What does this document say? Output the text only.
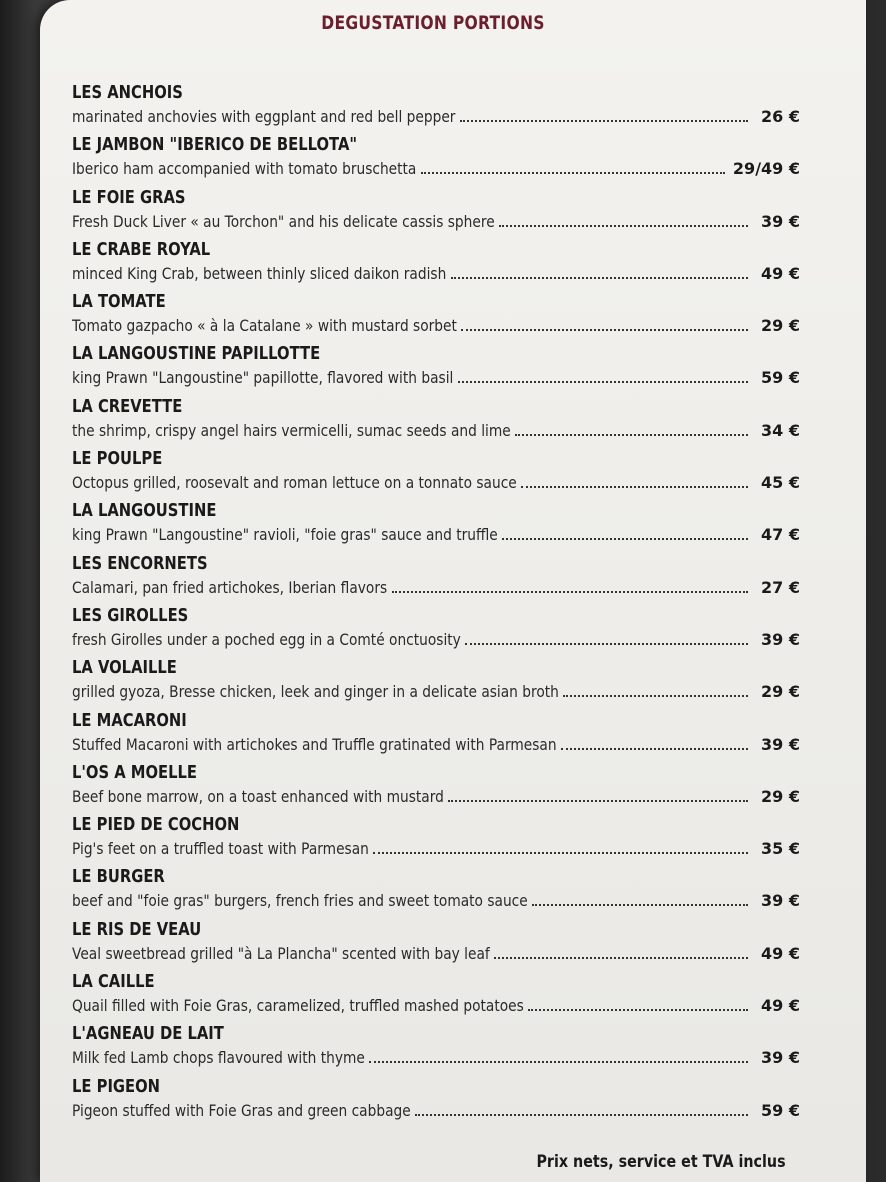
DEGUSTATION PORTIONS
LES ANCHOIS
marinated anchovies with eggplant and red bell pepper	26 €
LE JAMBON "IBERICO DE BELLOTA"
Iberico ham accompanied with tomato bruschetta	29/49 €
LE FOIE GRAS
Fresh Duck Liver « au Torchon" and his delicate cassis sphere	39 €
LE CRABE ROYAL
minced King Crab, between thinly sliced daikon radish	49 €
LA TOMATE
Tomato gazpacho « à la Catalane » with mustard sorbet	29 €
LA LANGOUSTINE PAPILLOTTE
king Prawn "Langoustine" papillotte, flavored with basil	59 €
LA CREVETTE
the shrimp, crispy angel hairs vermicelli, sumac seeds and lime	34 €
LE POULPE
Octopus grilled, roosevalt and roman lettuce on a tonnato sauce	45 €
LA LANGOUSTINE
king Prawn "Langoustine" ravioli, "foie gras" sauce and truffle	47 €
LES ENCORNETS
Calamari, pan fried artichokes, Iberian flavors	27 €
LES GIROLLES
fresh Girolles under a poched egg in a Comté onctuosity	39 €
LA VOLAILLE
grilled gyoza, Bresse chicken, leek and ginger in a delicate asian broth	29 €
LE MACARONI
Stuffed Macaroni with artichokes and Truffle gratinated with Parmesan	39 €
L'OS A MOELLE
Beef bone marrow, on a toast enhanced with mustard	29 €
LE PIED DE COCHON
Pig's feet on a truffled toast with Parmesan	35 €
LE BURGER
beef and "foie gras" burgers, french fries and sweet tomato sauce	39 €
LE RIS DE VEAU
Veal sweetbread grilled "à La Plancha" scented with bay leaf	49 €
LA CAILLE
Quail filled with Foie Gras, caramelized, truffled mashed potatoes	49 €
L'AGNEAU DE LAIT
Milk fed Lamb chops flavoured with thyme	39 €
LE PIGEON
Pigeon stuffed with Foie Gras and green cabbage	59 €
Prix nets, service et TVA inclus
